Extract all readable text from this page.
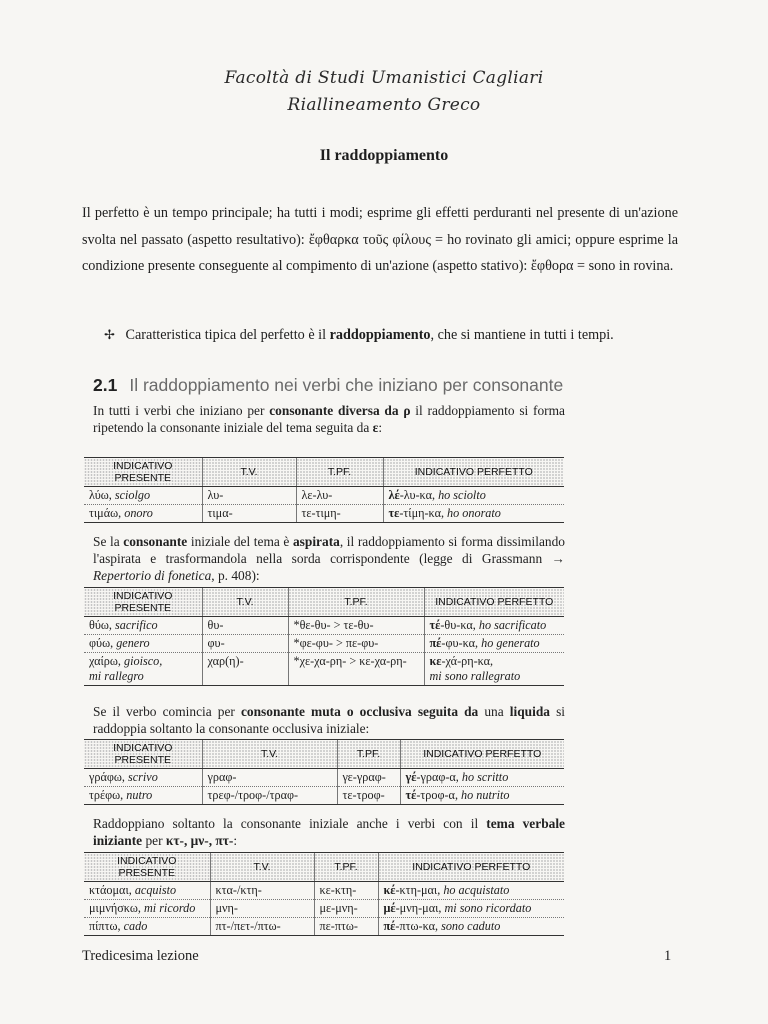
Facoltà di Studi Umanistici Cagliari
Riallineamento Greco
Il raddoppiamento
Il perfetto è un tempo principale; ha tutti i modi; esprime gli effetti perduranti nel presente di un'azione svolta nel passato (aspetto resultativo): ἔφθαρκα τοῦς φίλους = ho rovinato gli amici; oppure esprime la condizione presente conseguente al compimento di un'azione (aspetto stativo): ἔφθορα = sono in rovina.
✢ Caratteristica tipica del perfetto è il raddoppiamento, che si mantiene in tutti i tempi.
2.1 Il raddoppiamento nei verbi che iniziano per consonante
In tutti i verbi che iniziano per consonante diversa da ρ il raddoppiamento si forma ripetendo la consonante iniziale del tema seguita da ε:
INDICATIVO PRESENTE	T.V.	T.PF.	INDICATIVO PERFETTO
λύω, sciolgo	λυ-	λε-λυ-	λέ-λυ-κα, ho sciolto
τιμάω, onoro	τιμα-	τε-τιμη-	τε-τίμη-κα, ho onorato
Se la consonante iniziale del tema è aspirata, il raddoppiamento si forma dissimilando l'aspirata e trasformandola nella sorda corrispondente (legge di Grassmann → Repertorio di fonetica, p. 408):
INDICATIVO PRESENTE	T.V.	T.PF.	INDICATIVO PERFETTO
θύω, sacrifico	θυ-	*θε-θυ- > τε-θυ-	τέ-θυ-κα, ho sacrificato
φύω, genero	φυ-	*φε-φυ- > πε-φυ-	πέ-φυ-κα, ho generato
χαίρω, gioisco,
mi rallegro	χαρ(η)-	*χε-χα-ρη- > κε-χα-ρη-	κε-χά-ρη-κα,
mi sono rallegrato
Se il verbo comincia per consonante muta o occlusiva seguita da una liquida si raddoppia soltanto la consonante occlusiva iniziale:
INDICATIVO PRESENTE	T.V.	T.PF.	INDICATIVO PERFETTO
γράφω, scrivo	γραφ-	γε-γραφ-	γέ-γραφ-α, ho scritto
τρέφω, nutro	τρεφ-/τροφ-/τραφ-	τε-τροφ-	τέ-τροφ-α, ho nutrito
Raddoppiano soltanto la consonante iniziale anche i verbi con il tema verbale iniziante per κτ-, μν-, πτ-:
INDICATIVO PRESENTE	T.V.	T.PF.	INDICATIVO PERFETTO
κτάομαι, acquisto	κτα-/κτη-	κε-κτη-	κέ-κτη-μαι, ho acquistato
μιμνήσκω, mi ricordo	μνη-	με-μνη-	μέ-μνη-μαι, mi sono ricordato
πίπτω, cado	πτ-/πετ-/πτω-	πε-πτω-	πέ-πτω-κα, sono caduto
Tredicesima lezione	1
